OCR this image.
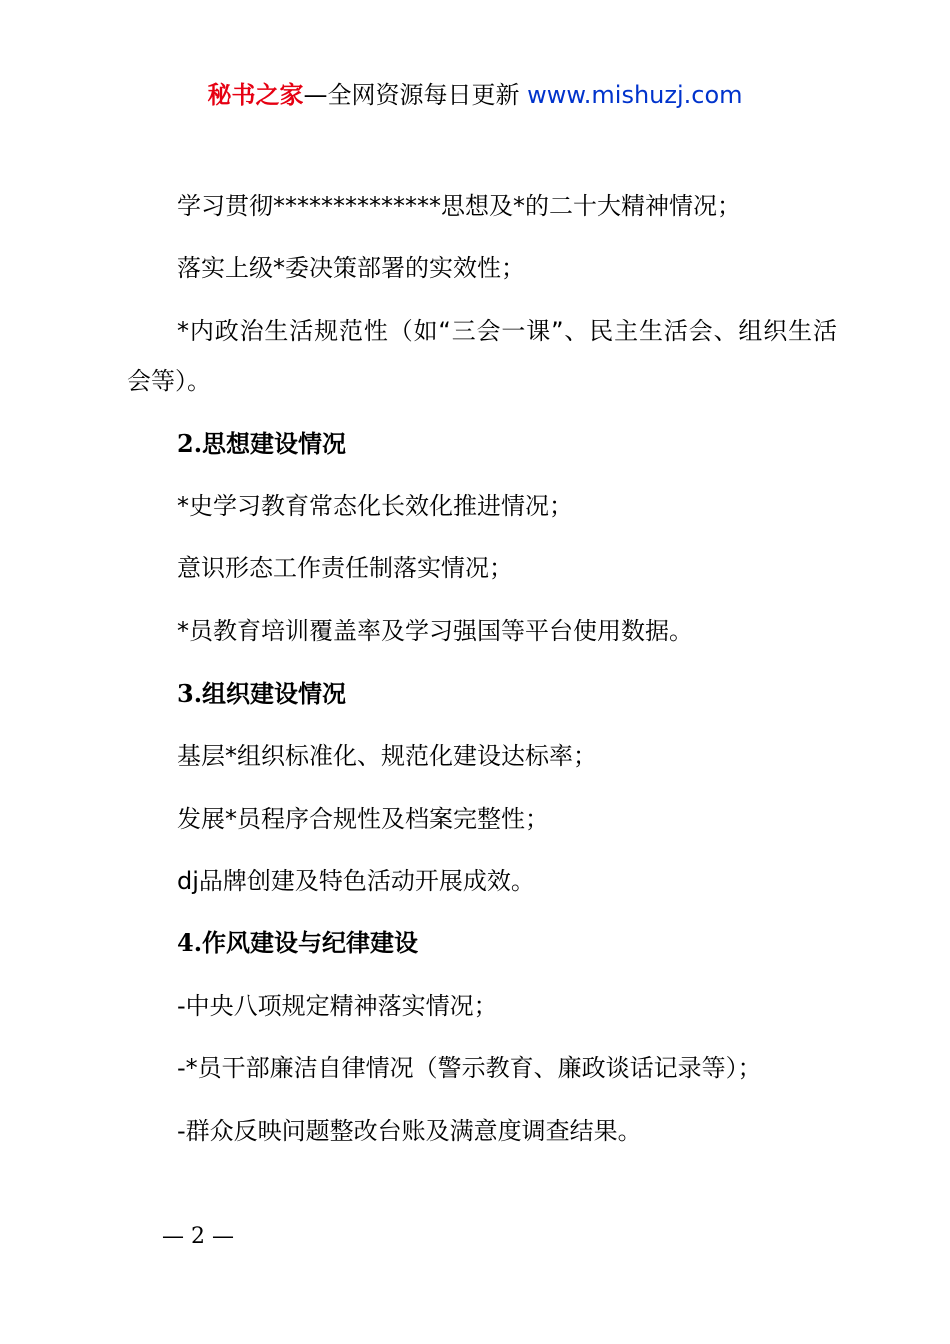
秘书之家—全网资源每日更新 www.mishuzj.com
学习贯彻**************思想及*的二十大精神情况；
落实上级*委决策部署的实效性；
*内政治生活规范性（如“三会一课”、民主生活会、组织生活会等）。
2.思想建设情况
*史学习教育常态化长效化推进情况；
意识形态工作责任制落实情况；
*员教育培训覆盖率及学习强国等平台使用数据。
3.组织建设情况
基层*组织标准化、规范化建设达标率；
发展*员程序合规性及档案完整性；
dj品牌创建及特色活动开展成效。
4.作风建设与纪律建设
-中央八项规定精神落实情况；
-*员干部廉洁自律情况（警示教育、廉政谈话记录等）；
-群众反映问题整改台账及满意度调查结果。
— 2 —
